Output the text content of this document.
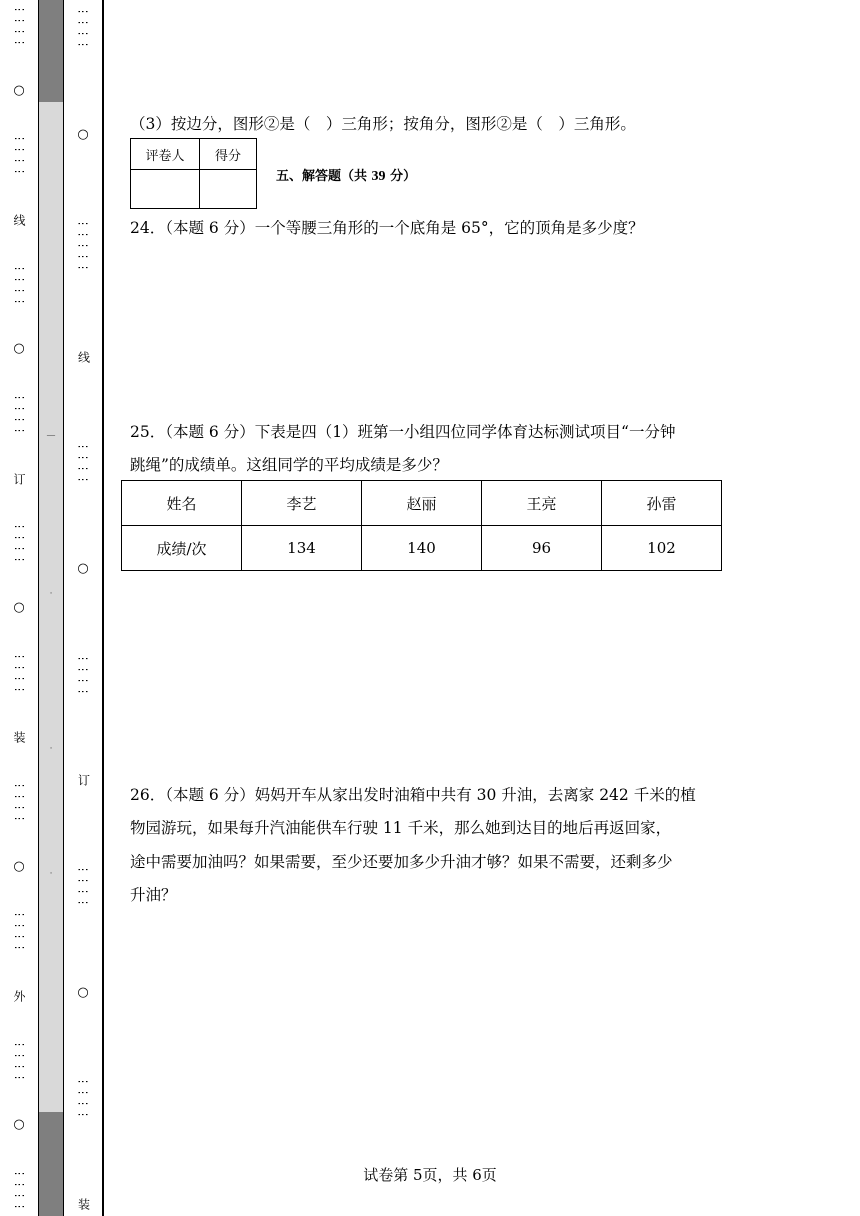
⋮⋮⋮⋮
○
⋮⋮⋮⋮
线
⋮⋮⋮⋮
○
⋮⋮⋮⋮
订
⋮⋮⋮⋮
○
⋮⋮⋮⋮
装
⋮⋮⋮⋮
○
⋮⋮⋮⋮
外
⋮⋮⋮⋮
○
⋮⋮⋮⋮
—
·
·
·
⋮⋮⋮⋮
○
⋮⋮⋮⋮⋮
线
⋮⋮⋮⋮
○
⋮⋮⋮⋮
订
⋮⋮⋮⋮
○
⋮⋮⋮⋮
装
（3）按边分，图形②是（　）三角形；按角分，图形②是（　）三角形。
评卷人	得分

五、解答题（共 39 分）
24．（本题 6 分）一个等腰三角形的一个底角是 65°，它的顶角是多少度？
25．（本题 6 分）下表是四（1）班第一小组四位同学体育达标测试项目“一分钟
跳绳”的成绩单。这组同学的平均成绩是多少？
姓名	李艺	赵丽	王亮	孙雷
成绩/次	134	140	96	102
26．（本题 6 分）妈妈开车从家出发时油箱中共有 30 升油，去离家 242 千米的植
物园游玩，如果每升汽油能供车行驶 11 千米，那么她到达目的地后再返回家，
途中需要加油吗？如果需要，至少还要加多少升油才够？如果不需要，还剩多少
升油？
试卷第 5页，共 6页
